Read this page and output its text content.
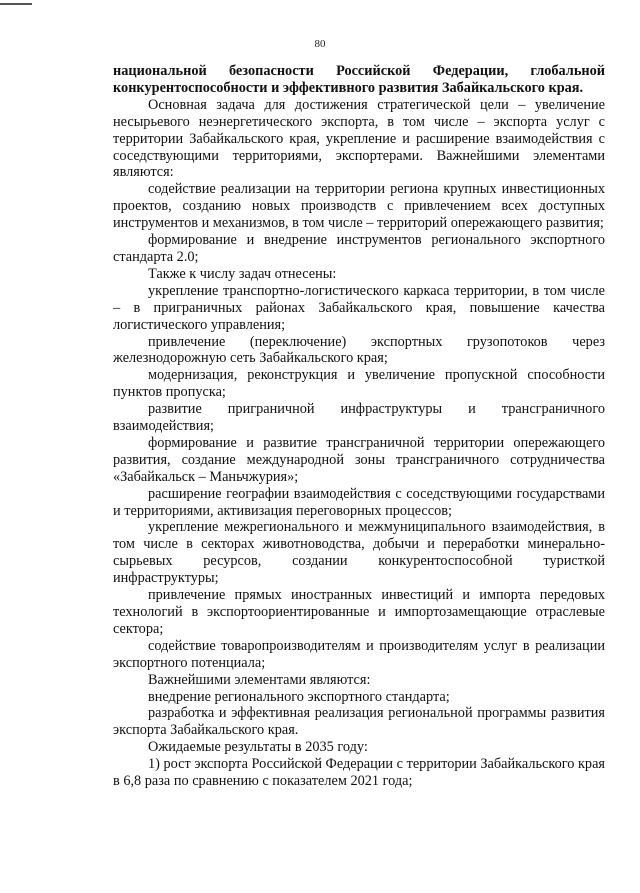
80

национальной безопасности Российской Федерации, глобальной конкурентоспособности и эффективного развития Забайкальского края.

Основная задача для достижения стратегической цели – увеличение несырьевого неэнергетического экспорта, в том числе – экспорта услуг с территории Забайкальского края, укрепление и расширение взаимодействия с соседствующими территориями, экспортерами. Важнейшими элементами являются:

содействие реализации на территории региона крупных инвестиционных проектов, созданию новых производств с привлечением всех доступных инструментов и механизмов, в том числе – территорий опережающего развития;

формирование и внедрение инструментов регионального экспортного стандарта 2.0;

Также к числу задач отнесены:

укрепление транспортно-логистического каркаса территории, в том числе – в приграничных районах Забайкальского края, повышение качества логистического управления;

привлечение (переключение) экспортных грузопотоков через железнодорожную сеть Забайкальского края;

модернизация, реконструкция и увеличение пропускной способности пунктов пропуска;

развитие приграничной инфраструктуры и трансграничного взаимодействия;

формирование и развитие трансграничной территории опережающего развития, создание международной зоны трансграничного сотрудничества «Забайкальск – Маньчжурия»;

расширение географии взаимодействия с соседствующими государствами и территориями, активизация переговорных процессов;

укрепление межрегионального и межмуниципального взаимодействия, в том числе в секторах животноводства, добычи и переработки минерально-сырьевых ресурсов, создании конкурентоспособной туристкой инфраструктуры;

привлечение прямых иностранных инвестиций и импорта передовых технологий в экспортоориентированные и импортозамещающие отраслевые сектора;

содействие товаропроизводителям и производителям услуг в реализации экспортного потенциала;

Важнейшими элементами являются:

внедрение регионального экспортного стандарта;

разработка и эффективная реализация региональной программы развития экспорта Забайкальского края.

Ожидаемые результаты в 2035 году:

1) рост экспорта Российской Федерации с территории Забайкальского края в 6,8 раза по сравнению с показателем 2021 года;
